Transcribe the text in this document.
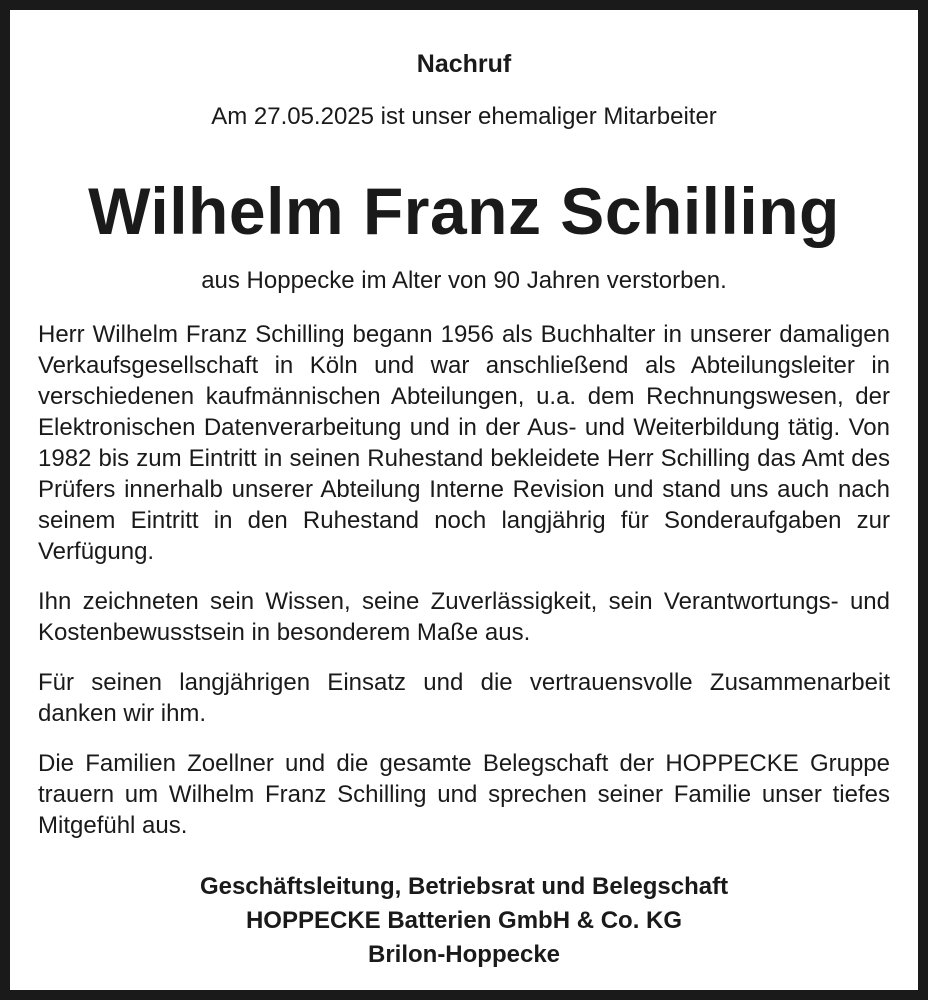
Nachruf
Am 27.05.2025 ist unser ehemaliger Mitarbeiter
Wilhelm Franz Schilling
aus Hoppecke im Alter von 90 Jahren verstorben.

Herr Wilhelm Franz Schilling begann 1956 als Buchhalter in unserer damaligen Verkaufsgesellschaft in Köln und war anschließend als Abteilungsleiter in verschiedenen kaufmännischen Abteilungen, u.a. dem Rechnungswesen, der Elektronischen Datenverarbeitung und in der Aus- und Weiterbildung tätig. Von 1982 bis zum Eintritt in seinen Ruhestand bekleidete Herr Schilling das Amt des Prüfers innerhalb unserer Abteilung Interne Revision und stand uns auch nach seinem Eintritt in den Ruhestand noch langjährig für Sonderaufgaben zur Verfügung.

Ihn zeichneten sein Wissen, seine Zuverlässigkeit, sein Verantwortungs- und Kostenbewusstsein in besonderem Maße aus.

Für seinen langjährigen Einsatz und die vertrauensvolle Zusammenarbeit danken wir ihm.

Die Familien Zoellner und die gesamte Belegschaft der HOPPECKE Gruppe trauern um Wilhelm Franz Schilling und sprechen seiner Familie unser tiefes Mitgefühl aus.

Geschäftsleitung, Betriebsrat und Belegschaft
HOPPECKE Batterien GmbH & Co. KG
Brilon-Hoppecke
